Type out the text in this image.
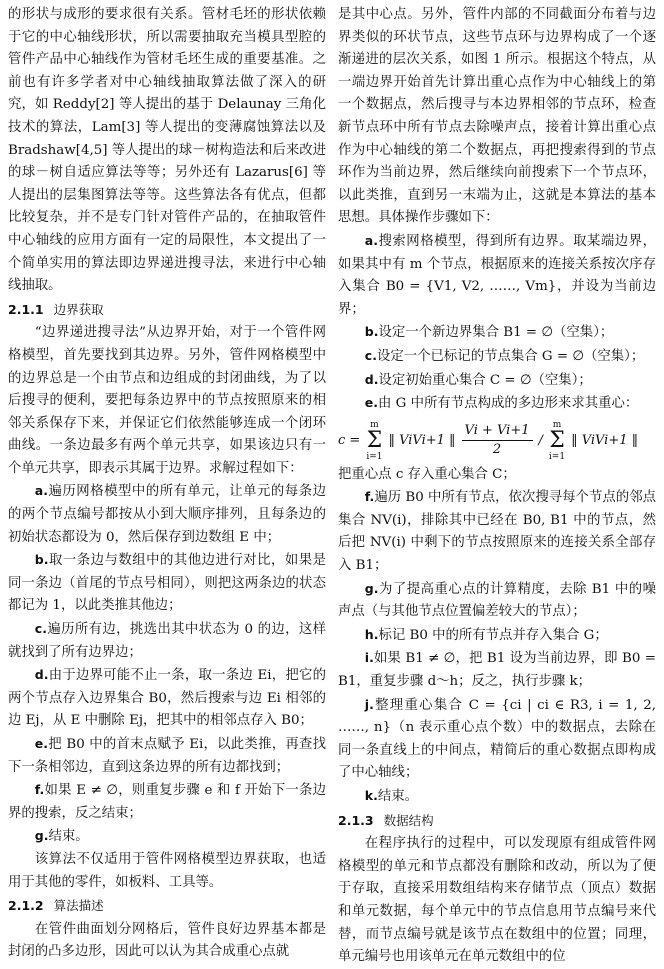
的形状与成形的要求很有关系。管材毛坯的形状依赖于它的中心轴线形状，所以需要抽取充当模具型腔的管件产品中心轴线作为管材毛坯生成的重要基准。之前也有许多学者对中心轴线抽取算法做了深入的研究，如 Reddy[2] 等人提出的基于 Delaunay 三角化技术的算法，Lam[3] 等人提出的变薄腐蚀算法以及 Bradshaw[4,5] 等人提出的球－树构造法和后来改进的球－树自适应算法等等；另外还有 Lazarus[6] 等人提出的层集图算法等等。这些算法各有优点，但都比较复杂，并不是专门针对管件产品的，在抽取管件中心轴线的应用方面有一定的局限性，本文提出了一个简单实用的算法即边界递进搜寻法，来进行中心轴线抽取。

2.1.1 边界获取

“边界递进搜寻法”从边界开始，对于一个管件网格模型，首先要找到其边界。另外，管件网格模型中的边界总是一个由节点和边组成的封闭曲线，为了以后搜寻的便利，要把每条边界中的节点按照原来的相邻关系保存下来，并保证它们依然能够连成一个闭环曲线。一条边最多有两个单元共享，如果该边只有一个单元共享，即表示其属于边界。求解过程如下：

a.遍历网格模型中的所有单元，让单元的每条边的两个节点编号都按从小到大顺序排列，且每条边的初始状态都设为 0，然后保存到边数组 E 中；

b.取一条边与数组中的其他边进行对比，如果是同一条边（首尾的节点号相同），则把这两条边的状态都记为 1，以此类推其他边；

c.遍历所有边，挑选出其中状态为 0 的边，这样就找到了所有边界边；

d.由于边界可能不止一条，取一条边 Ei，把它的两个节点存入边界集合 B0，然后搜索与边 Ei 相邻的边 Ej，从 E 中删除 Ej，把其中的相邻点存入 B0；

e.把 B0 中的首末点赋予 Ei，以此类推，再查找下一条相邻边，直到这条边界的所有边都找到；

f.如果 E ≠ ∅，则重复步骤 e 和 f 开始下一条边界的搜索，反之结束；

g.结束。

该算法不仅适用于管件网格模型边界获取，也适用于其他的零件，如板料、工具等。

2.1.2 算法描述

在管件曲面划分网格后，管件良好边界基本都是封闭的凸多边形，因此可以认为其合成重心点就

是其中心点。另外，管件内部的不同截面分布着与边界类似的环状节点，这些节点环与边界构成了一个逐渐递进的层次关系，如图 1 所示。根据这个特点，从一端边界开始首先计算出重心点作为中心轴线上的第一个数据点，然后搜寻与本边界相邻的节点环，检查新节点环中所有节点去除噪声点，接着计算出重心点作为中心轴线的第二个数据点，再把搜索得到的节点环作为当前边界，然后继续向前搜索下一个节点环，以此类推，直到另一末端为止，这就是本算法的基本思想。具体操作步骤如下：

a.搜索网格模型，得到所有边界。取某端边界，如果其中有 m 个节点，根据原来的连接关系按次序存入集合 B0 = {V1, V2, ……, Vm}，并设为当前边界；

b.设定一个新边界集合 B1 = ∅（空集）；

c.设定一个已标记的节点集合 G = ∅（空集）；

d.设定初始重心集合 C = ∅（空集）；

e.由 G 中所有节点构成的多边形来求其重心：

c =
m
Σ
i=1
‖ ViVi+1 ‖ $\frac{Vi + Vi+1}{2}$ /
m
Σ
i=1
‖ ViVi+1 ‖

把重心点 c 存入重心集合 C；

f.遍历 B0 中所有节点，依次搜寻每个节点的邻点集合 NV(i)，排除其中已经在 B0, B1 中的节点，然后把 NV(i) 中剩下的节点按照原来的连接关系全部存入 B1；

g.为了提高重心点的计算精度，去除 B1 中的噪声点（与其他节点位置偏差较大的节点）；

h.标记 B0 中的所有节点并存入集合 G；

i.如果 B1 ≠ ∅，把 B1 设为当前边界，即 B0 = B1，重复步骤 d～h；反之，执行步骤 k；

j.整理重心集合 C = {ci | ci ∈ R3, i = 1, 2, ……, n}（n 表示重心点个数）中的数据点，去除在同一条直线上的中间点，精简后的重心数据点即构成了中心轴线；

k.结束。

2.1.3 数据结构

在程序执行的过程中，可以发现原有组成管件网格模型的单元和节点都没有删除和改动，所以为了便于存取，直接采用数组结构来存储节点（顶点）数据和单元数据，每个单元中的节点信息用节点编号来代替，而节点编号就是该节点在数组中的位置；同理，单元编号也用该单元在单元数组中的位
